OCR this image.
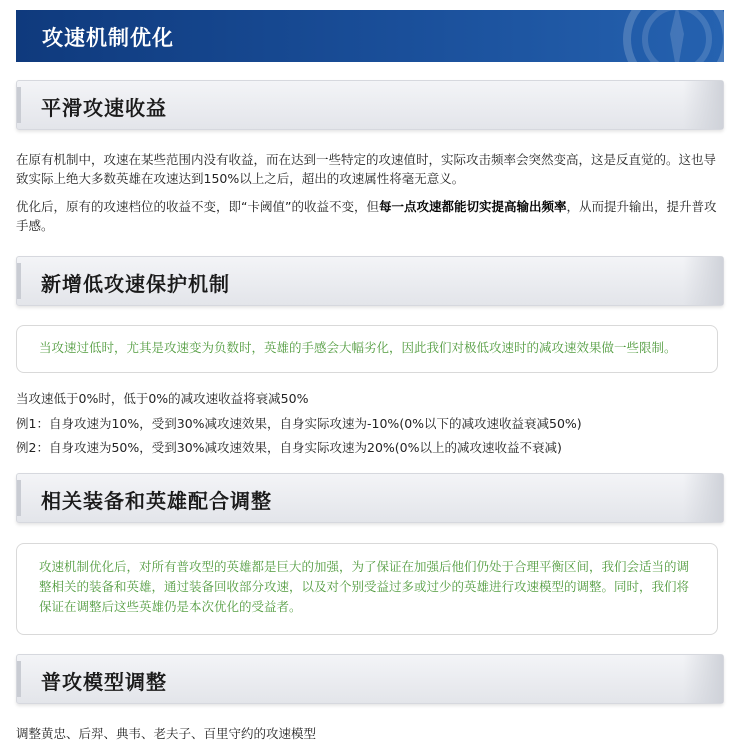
攻速机制优化
平滑攻速收益

在原有机制中，攻速在某些范围内没有收益，而在达到一些特定的攻速值时，实际攻击频率会突然变高，这是反直觉的。这也导致实际上绝大多数英雄在攻速达到150%以上之后，超出的攻速属性将毫无意义。

优化后，原有的攻速档位的收益不变，即“卡阈值”的收益不变，但每一点攻速都能切实提高输出频率，从而提升输出，提升普攻手感。

新增低攻速保护机制
当攻速过低时，尤其是攻速变为负数时，英雄的手感会大幅劣化，因此我们对极低攻速时的减攻速效果做一些限制。
当攻速低于0%时，低于0%的减攻速收益将衰减50%
例1：自身攻速为10%，受到30%减攻速效果，自身实际攻速为-10%(0%以下的减攻速收益衰减50%)
例2：自身攻速为50%，受到30%减攻速效果，自身实际攻速为20%(0%以上的减攻速收益不衰减)
相关装备和英雄配合调整
攻速机制优化后，对所有普攻型的英雄都是巨大的加强，为了保证在加强后他们仍处于合理平衡区间，我们会适当的调整相关的装备和英雄，通过装备回收部分攻速，以及对个别受益过多或过少的英雄进行攻速模型的调整。同时，我们将保证在调整后这些英雄仍是本次优化的受益者。
普攻模型调整
调整黄忠、后羿、典韦、老夫子、百里守约的攻速模型
